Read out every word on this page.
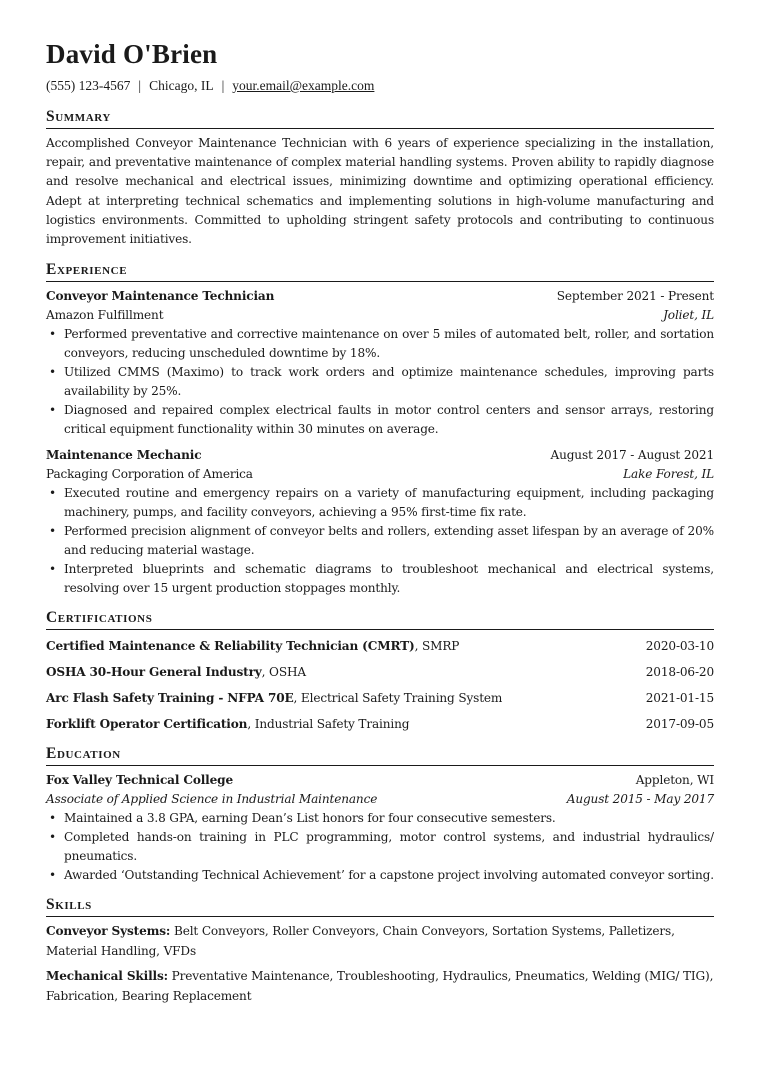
David O'Brien
(555) 123-4567 | Chicago, IL | your.email@example.com
Summary

Accomplished Conveyor Maintenance Technician with 6 years of experience specializing in the installation, repair, and preventative maintenance of complex material handling systems. Proven ability to rapidly diagnose and resolve mechanical and electrical issues, minimizing downtime and optimizing operational efficiency. Adept at interpreting technical schematics and implementing solutions in high-volume manufacturing and logistics environments. Committed to upholding stringent safety protocols and contributing to continuous improvement initiatives.

Experience
Conveyor Maintenance Technician	September 2021 - Present
Amazon Fulfillment	Joliet, IL
• Performed preventative and corrective maintenance on over 5 miles of automated belt, roller, and sortation conveyors, reducing unscheduled downtime by 18%.
• Utilized CMMS (Maximo) to track work orders and optimize maintenance schedules, improving parts availability by 25%.
• Diagnosed and repaired complex electrical faults in motor control centers and sensor arrays, restoring critical equipment functionality within 30 minutes on average.
Maintenance Mechanic	August 2017 - August 2021
Packaging Corporation of America	Lake Forest, IL
• Executed routine and emergency repairs on a variety of manufacturing equipment, including packaging machinery, pumps, and facility conveyors, achieving a 95% first-time fix rate.
• Performed precision alignment of conveyor belts and rollers, extending asset lifespan by an average of 20% and reducing material wastage.
• Interpreted blueprints and schematic diagrams to troubleshoot mechanical and electrical systems, resolving over 15 urgent production stoppages monthly.
Certifications
Certified Maintenance & Reliability Technician (CMRT), SMRP	2020-03-10
OSHA 30-Hour General Industry, OSHA	2018-06-20
Arc Flash Safety Training - NFPA 70E, Electrical Safety Training System	2021-01-15
Forklift Operator Certification, Industrial Safety Training	2017-09-05
Education
Fox Valley Technical College	Appleton, WI
Associate of Applied Science in Industrial Maintenance	August 2015 - May 2017
• Maintained a 3.8 GPA, earning Dean’s List honors for four consecutive semesters.
• Completed hands-on training in PLC programming, motor control systems, and industrial hydraulics/ pneumatics.
• Awarded ‘Outstanding Technical Achievement’ for a capstone project involving automated conveyor sorting.
Skills
Conveyor Systems: Belt Conveyors, Roller Conveyors, Chain Conveyors, Sortation Systems, Palletizers, Material Handling, VFDs
Mechanical Skills: Preventative Maintenance, Troubleshooting, Hydraulics, Pneumatics, Welding (MIG/ TIG), Fabrication, Bearing Replacement
